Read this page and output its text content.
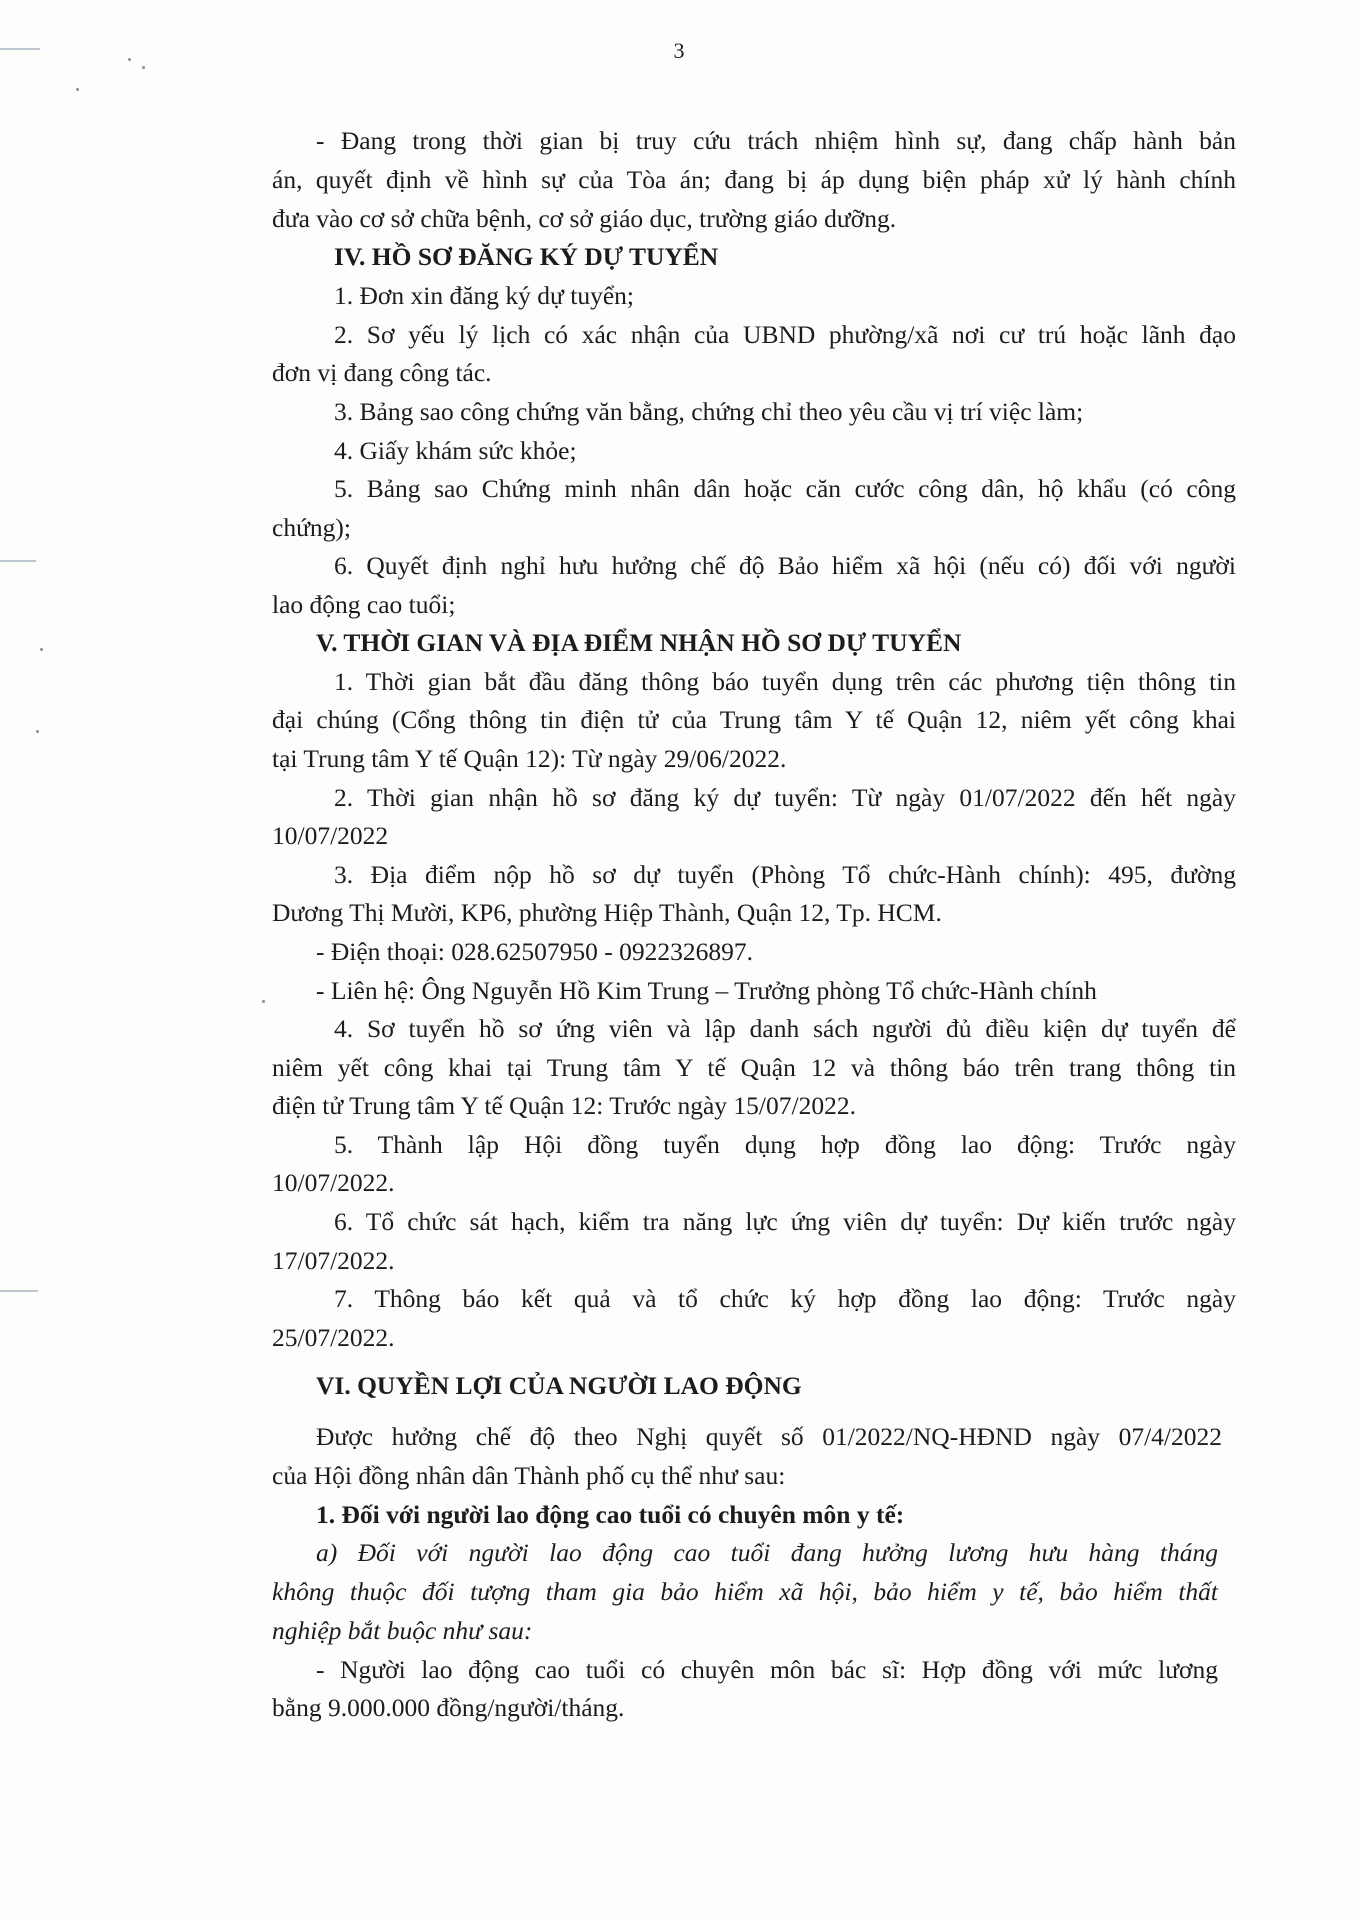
3
- Đang trong thời gian bị truy cứu trách nhiệm hình sự, đang chấp hành bản
án, quyết định về hình sự của Tòa án; đang bị áp dụng biện pháp xử lý hành chính
đưa vào cơ sở chữa bệnh, cơ sở giáo dục, trường giáo dưỡng.
IV. HỒ SƠ ĐĂNG KÝ DỰ TUYỂN
1. Đơn xin đăng ký dự tuyển;
2. Sơ yếu lý lịch có xác nhận của UBND phường/xã nơi cư trú hoặc lãnh đạo
đơn vị đang công tác.
3. Bảng sao công chứng văn bằng, chứng chỉ theo yêu cầu vị trí việc làm;
4. Giấy khám sức khỏe;
5. Bảng sao Chứng minh nhân dân hoặc căn cước công dân, hộ khẩu (có công
chứng);
6. Quyết định nghỉ hưu hưởng chế độ Bảo hiểm xã hội (nếu có) đối với người
lao động cao tuổi;
V. THỜI GIAN VÀ ĐỊA ĐIỂM NHẬN HỒ SƠ DỰ TUYỂN
1. Thời gian bắt đầu đăng thông báo tuyển dụng trên các phương tiện thông tin
đại chúng (Cổng thông tin điện tử của Trung tâm Y tế Quận 12, niêm yết công khai
tại Trung tâm Y tế Quận 12): Từ ngày 29/06/2022.
2. Thời gian nhận hồ sơ đăng ký dự tuyển: Từ ngày 01/07/2022 đến hết ngày
10/07/2022
3. Địa điểm nộp hồ sơ dự tuyển (Phòng Tổ chức-Hành chính): 495, đường
Dương Thị Mười, KP6, phường Hiệp Thành, Quận 12, Tp. HCM.
- Điện thoại: 028.62507950 - 0922326897.
- Liên hệ: Ông Nguyễn Hồ Kim Trung – Trưởng phòng Tổ chức-Hành chính
4. Sơ tuyển hồ sơ ứng viên và lập danh sách người đủ điều kiện dự tuyển để
niêm yết công khai tại Trung tâm Y tế Quận 12 và thông báo trên trang thông tin
điện tử Trung tâm Y tế Quận 12: Trước ngày 15/07/2022.
5. Thành lập Hội đồng tuyển dụng hợp đồng lao động: Trước ngày
10/07/2022.
6. Tổ chức sát hạch, kiểm tra năng lực ứng viên dự tuyển: Dự kiến trước ngày
17/07/2022.
7. Thông báo kết quả và tổ chức ký hợp đồng lao động: Trước ngày
25/07/2022.
VI. QUYỀN LỢI CỦA NGƯỜI LAO ĐỘNG
Được hưởng chế độ theo Nghị quyết số 01/2022/NQ-HĐND ngày 07/4/2022
của Hội đồng nhân dân Thành phố cụ thể như sau:
1. Đối với người lao động cao tuổi có chuyên môn y tế:
a) Đối với người lao động cao tuổi đang hưởng lương hưu hàng tháng
không thuộc đối tượng tham gia bảo hiểm xã hội, bảo hiểm y tế, bảo hiểm thất
nghiệp bắt buộc như sau:
- Người lao động cao tuổi có chuyên môn bác sĩ: Hợp đồng với mức lương
bằng 9.000.000 đồng/người/tháng.
